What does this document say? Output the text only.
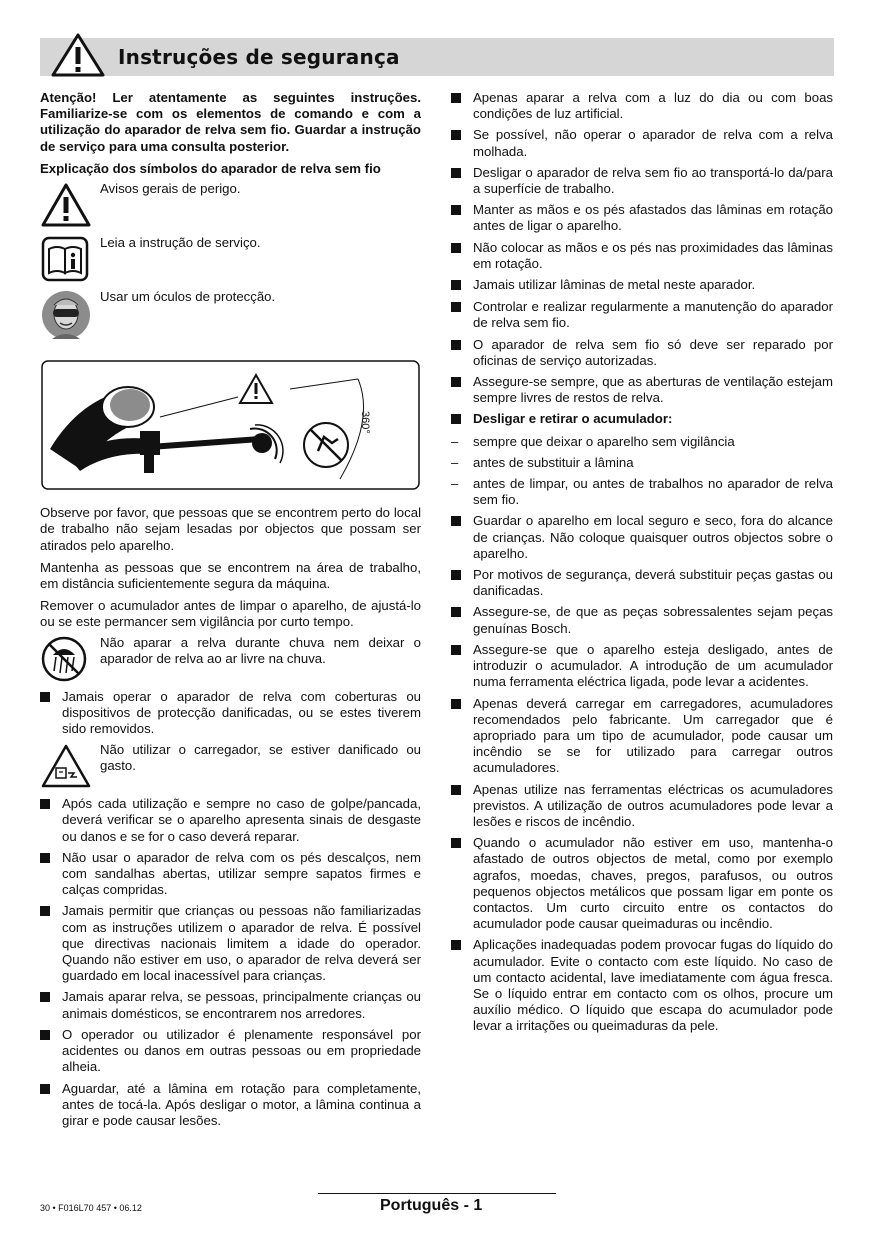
Instruções de segurança

Atenção! Ler atentamente as seguintes instruções. Familiarize-se com os elementos de comando e com a utilização do aparador de relva sem fio. Guardar a instrução de serviço para uma consulta posterior.

Explicação dos símbolos do aparador de relva sem fio

Avisos gerais de perigo.
Leia a instrução de serviço.
Usar um óculos de protecção.
360°

Observe por favor, que pessoas que se encontrem perto do local de trabalho não sejam lesadas por objectos que possam ser atirados pelo aparelho.

Mantenha as pessoas que se encontrem na área de trabalho, em distância suficientemente segura da máquina.

Remover o acumulador antes de limpar o aparelho, de ajustá-lo ou se este permancer sem vigilância por curto tempo.

Não aparar a relva durante chuva nem deixar o aparador de relva ao ar livre na chuva.
Jamais operar o aparador de relva com coberturas ou dispositivos de protecção danificadas, ou se estes tiverem sido removidos.
Não utilizar o carregador, se estiver danificado ou gasto.
Após cada utilização e sempre no caso de golpe/pancada, deverá verificar se o aparelho apresenta sinais de desgaste ou danos e se for o caso deverá reparar.
Não usar o aparador de relva com os pés descalços, nem com sandalhas abertas, utilizar sempre sapatos firmes e calças compridas.
Jamais permitir que crianças ou pessoas não familiarizadas com as instruções utilizem o aparador de relva. É possível que directivas nacionais limitem a idade do operador. Quando não estiver em uso, o aparador de relva deverá ser guardado em local inacessível para crianças.
Jamais aparar relva, se pessoas, principalmente crianças ou animais domésticos, se encontrarem nos arredores.
O operador ou utilizador é plenamente responsável por acidentes ou danos em outras pessoas ou em propriedade alheia.
Aguardar, até a lâmina em rotação para completamente, antes de tocá-la. Após desligar o motor, a lâmina continua a girar e pode causar lesões.
Apenas aparar a relva com a luz do dia ou com boas condições de luz artificial.
Se possível, não operar o aparador de relva com a relva molhada.
Desligar o aparador de relva sem fio ao transportá-lo da/para a superfície de trabalho.
Manter as mãos e os pés afastados das lâminas em rotação antes de ligar o aparelho.
Não colocar as mãos e os pés nas proximidades das lâminas em rotação.
Jamais utilizar lâminas de metal neste aparador.
Controlar e realizar regularmente a manutenção do aparador de relva sem fio.
O aparador de relva sem fio só deve ser reparado por oficinas de serviço autorizadas.
Assegure-se sempre, que as aberturas de ventilação estejam sempre livres de restos de relva.
Desligar e retirar o acumulador:
–	sempre que deixar o aparelho sem vigilância
–	antes de substituir a lâmina
–	antes de limpar, ou antes de trabalhos no aparador de relva sem fio.
Guardar o aparelho em local seguro e seco, fora do alcance de crianças. Não coloque quaisquer outros objectos sobre o aparelho.
Por motivos de segurança, deverá substituir peças gastas ou danificadas.
Assegure-se, de que as peças sobressalentes sejam peças genuínas Bosch.
Assegure-se que o aparelho esteja desligado, antes de introduzir o acumulador. A introdução de um acumulador numa ferramenta eléctrica ligada, pode levar a acidentes.
Apenas deverá carregar em carregadores, acumuladores recomendados pelo fabricante. Um carregador que é apropriado para um tipo de acumulador, pode causar um incêndio se se for utilizado para carregar outros acumuladores.
Apenas utilize nas ferramentas eléctricas os acumuladores previstos. A utilização de outros acumuladores pode levar a lesões e riscos de incêndio.
Quando o acumulador não estiver em uso, mantenha-o afastado de outros objectos de metal, como por exemplo agrafos, moedas, chaves, pregos, parafusos, ou outros pequenos objectos metálicos que possam ligar em ponte os contactos. Um curto circuito entre os contactos do acumulador pode causar queimaduras ou incêndio.
Aplicações inadequadas podem provocar fugas do líquido do acumulador. Evite o contacto com este líquido. No caso de um contacto acidental, lave imediatamente com água fresca. Se o líquido entrar em contacto com os olhos, procure um auxílio médico. O líquido que escapa do acumulador pode levar a irritações ou queimaduras da pele.
30 • F016L70 457 • 06.12	Português - 1
